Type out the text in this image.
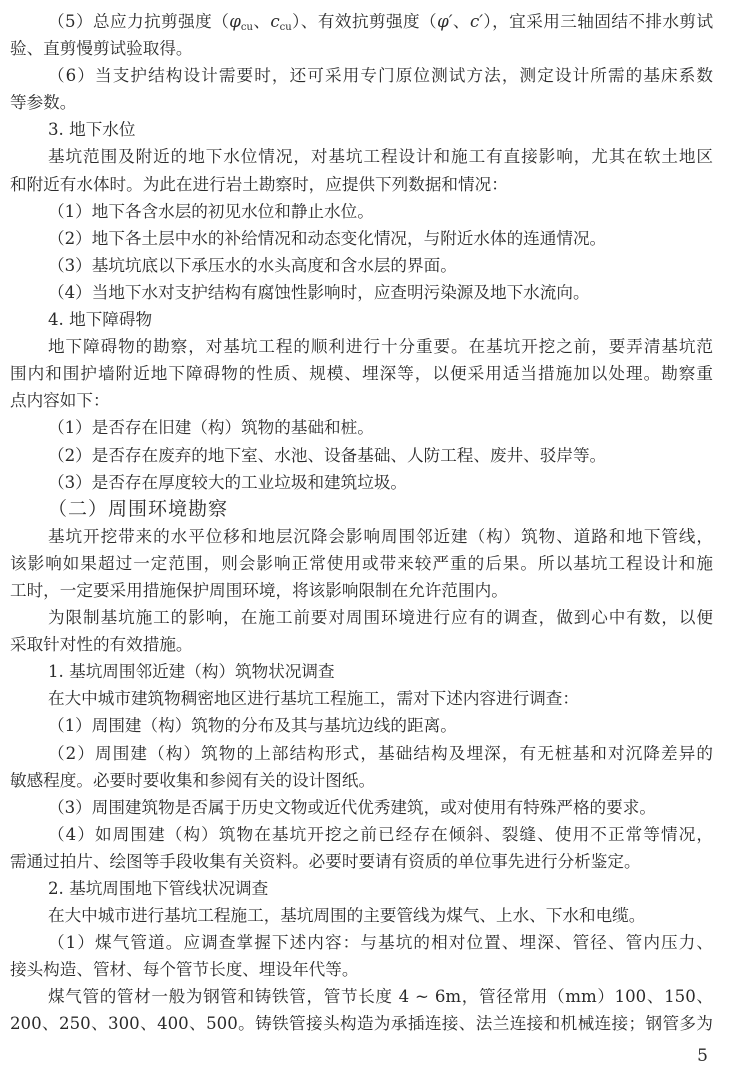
（5）总应力抗剪强度（$\varphi_{cu}$、$c_{cu}$）、有效抗剪强度（φ′、c′），宜采用三轴固结不排水剪试
验、直剪慢剪试验取得。
（6）当支护结构设计需要时，还可采用专门原位测试方法，测定设计所需的基床系数
等参数。
3. 地下水位
基坑范围及附近的地下水位情况，对基坑工程设计和施工有直接影响，尤其在软土地区
和附近有水体时。为此在进行岩土勘察时，应提供下列数据和情况：
（1）地下各含水层的初见水位和静止水位。
（2）地下各土层中水的补给情况和动态变化情况，与附近水体的连通情况。
（3）基坑坑底以下承压水的水头高度和含水层的界面。
（4）当地下水对支护结构有腐蚀性影响时，应查明污染源及地下水流向。
4. 地下障碍物
地下障碍物的勘察，对基坑工程的顺利进行十分重要。在基坑开挖之前，要弄清基坑范
围内和围护墙附近地下障碍物的性质、规模、埋深等，以便采用适当措施加以处理。勘察重
点内容如下：
（1）是否存在旧建（构）筑物的基础和桩。
（2）是否存在废弃的地下室、水池、设备基础、人防工程、废井、驳岸等。
（3）是否存在厚度较大的工业垃圾和建筑垃圾。
（二）周围环境勘察
基坑开挖带来的水平位移和地层沉降会影响周围邻近建（构）筑物、道路和地下管线，
该影响如果超过一定范围，则会影响正常使用或带来较严重的后果。所以基坑工程设计和施
工时，一定要采用措施保护周围环境，将该影响限制在允许范围内。
为限制基坑施工的影响，在施工前要对周围环境进行应有的调查，做到心中有数，以便
采取针对性的有效措施。
1. 基坑周围邻近建（构）筑物状况调查
在大中城市建筑物稠密地区进行基坑工程施工，需对下述内容进行调查：
（1）周围建（构）筑物的分布及其与基坑边线的距离。
（2）周围建（构）筑物的上部结构形式，基础结构及埋深，有无桩基和对沉降差异的
敏感程度。必要时要收集和参阅有关的设计图纸。
（3）周围建筑物是否属于历史文物或近代优秀建筑，或对使用有特殊严格的要求。
（4）如周围建（构）筑物在基坑开挖之前已经存在倾斜、裂缝、使用不正常等情况，
需通过拍片、绘图等手段收集有关资料。必要时要请有资质的单位事先进行分析鉴定。
2. 基坑周围地下管线状况调查
在大中城市进行基坑工程施工，基坑周围的主要管线为煤气、上水、下水和电缆。
（1）煤气管道。应调查掌握下述内容：与基坑的相对位置、埋深、管径、管内压力、
接头构造、管材、每个管节长度、埋设年代等。
煤气管的管材一般为钢管和铸铁管，管节长度 4 ~ 6m，管径常用（mm）100、150、
200、250、300、400、500。铸铁管接头构造为承插连接、法兰连接和机械连接；钢管多为
5
